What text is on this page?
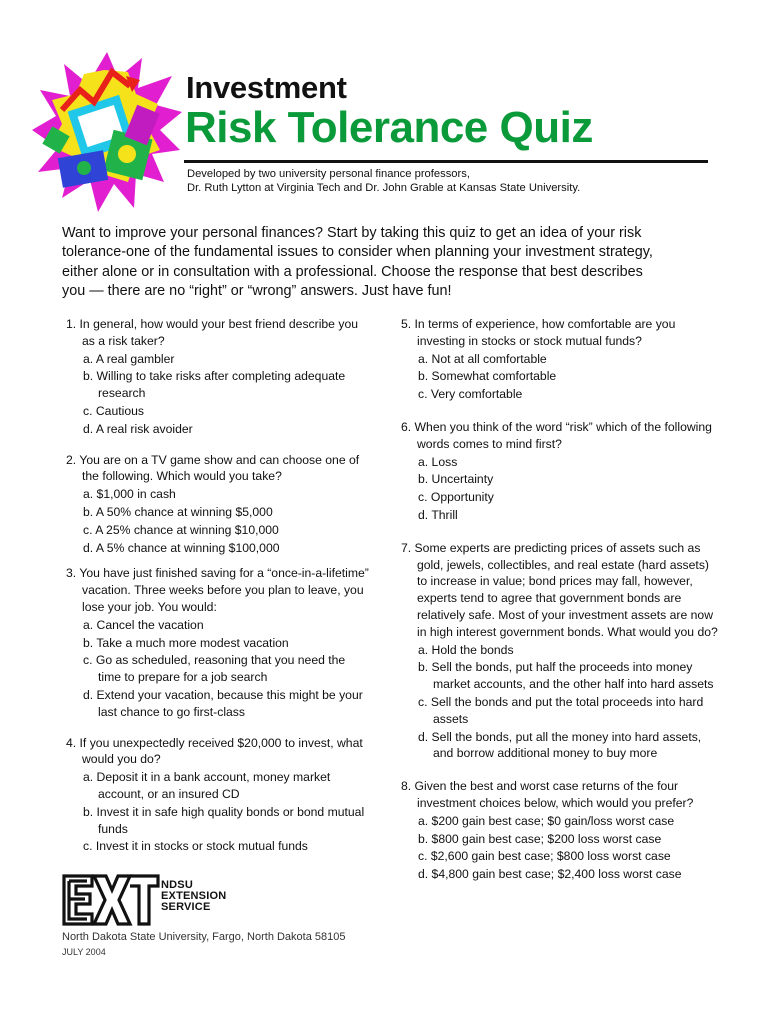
Investment
Risk Tolerance Quiz
Developed by two university personal finance professors,
Dr. Ruth Lytton at Virginia Tech and Dr. John Grable at Kansas State University.
Want to improve your personal finances? Start by taking this quiz to get an idea of your risk tolerance-one of the fundamental issues to consider when planning your investment strategy, either alone or in consultation with a professional. Choose the response that best describes you — there are no “right” or “wrong” answers. Just have fun!
1. In general, how would your best friend describe you as a risk taker?
a. A real gambler
b. Willing to take risks after completing adequate research
c. Cautious
d. A real risk avoider
2. You are on a TV game show and can choose one of the following. Which would you take?
a. $1,000 in cash
b. A 50% chance at winning $5,000
c. A 25% chance at winning $10,000
d. A 5% chance at winning $100,000
3. You have just finished saving for a “once-in-a-lifetime” vacation. Three weeks before you plan to leave, you lose your job. You would:
a. Cancel the vacation
b. Take a much more modest vacation
c. Go as scheduled, reasoning that you need the time to prepare for a job search
d. Extend your vacation, because this might be your last chance to go first-class
4. If you unexpectedly received $20,000 to invest, what would you do?
a. Deposit it in a bank account, money market account, or an insured CD
b. Invest it in safe high quality bonds or bond mutual funds
c. Invest it in stocks or stock mutual funds
5. In terms of experience, how comfortable are you investing in stocks or stock mutual funds?
a. Not at all comfortable
b. Somewhat comfortable
c. Very comfortable
6. When you think of the word “risk” which of the following words comes to mind first?
a. Loss
b. Uncertainty
c. Opportunity
d. Thrill
7. Some experts are predicting prices of assets such as gold, jewels, collectibles, and real estate (hard assets) to increase in value; bond prices may fall, however, experts tend to agree that government bonds are relatively safe. Most of your investment assets are now in high interest government bonds. What would you do?
a. Hold the bonds
b. Sell the bonds, put half the proceeds into money market accounts, and the other half into hard assets
c. Sell the bonds and put the total proceeds into hard assets
d. Sell the bonds, put all the money into hard assets, and borrow additional money to buy more
8. Given the best and worst case returns of the four investment choices below, which would you prefer?
a. $200 gain best case; $0 gain/loss worst case
b. $800 gain best case; $200 loss worst case
c. $2,600 gain best case; $800 loss worst case
d. $4,800 gain best case; $2,400 loss worst case
NDSU
EXTENSION
SERVICE
North Dakota State University, Fargo, North Dakota 58105
JULY 2004
